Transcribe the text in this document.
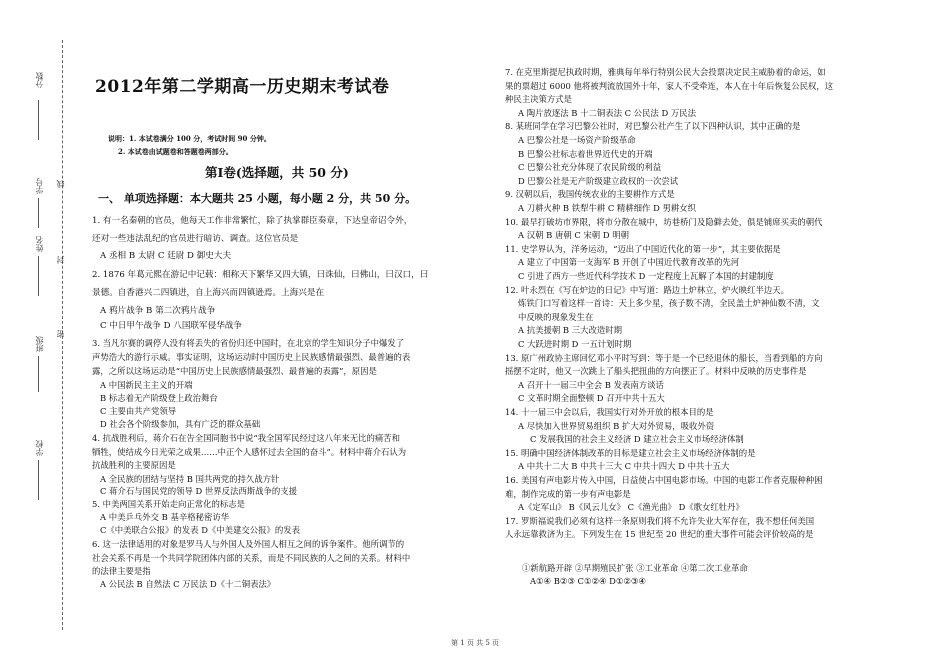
分数
学号 线
姓名
封
班级
密
学校
2012年第二学期高一历史期末考试卷
说明：1. 本试卷满分 100 分，考试时间 90 分钟。
2. 本试卷由试题卷和答题卷两部分。
第Ⅰ卷(选择题，共 50 分)
一、 单项选择题：本大题共 25 小题，每小题 2 分，共 50 分。
1. 有一名秦朝的官员，他每天工作非常繁忙，除了执掌群臣奏章，下达皇帝诏令外，
还对一些违法乱纪的官员进行暗访、调查。这位官员是
A 丞相 B 太尉 C 廷尉 D 御史大夫
2. 1876 年葛元熙在游记中记载：相称天下繁华又四大镇，曰诛仙，曰佛山，曰汉口，曰
景德。自香港兴二四镇进，自上海兴而四镇逊焉。上海兴是在
A 鸦片战争 B 第二次鸦片战争
C 中日甲午战争 D 八国联军侵华战争
3. 当凡尔赛的调停人没有将丢失的省份归还中国时，在北京的学生知识分子中爆发了
声势浩大的游行示威。事实证明，这场运动时中国历史上民族感情最强烈、最普遍的表
露，之所以这场运动是“中国历史上民族感情最强烈、最普遍的表露”，原因是
A 中国新民主主义的开端
B 标志着无产阶级登上政治舞台
C 主要由共产党领导
D 社会各个阶级参加，具有广泛的群众基础
4. 抗战胜利后，蒋介石在告全国同胞书中说“我全国军民经过这八年来无比的痛苦和
牺牲，使结成今日光荣之成果……中正个人感怀过去全国的奋斗”。材料中蒋介石认为
抗战胜利的主要原因是
A 全民族的团结与坚持 B 国共两党的持久战方针
C 蒋介石与国民党的领导 D 世界反法西斯战争的支援
5. 中美两国关系开始走向正常化的标志是
A 中美乒乓外交 B 基辛格秘密访华
C《中美联合公报》的发表 D《中美建交公报》的发表
6. 这一法律适用的对象是罗马人与外国人及外国人相互之间的诉争案件。他所调节的
社会关系不再是一个共同学院团体内部的关系，而是不同民族的人之间的关系。材料中
的法律主要是指
A 公民法 B 自然法 C 万民法 D《十二铜表法》
7. 在克里斯提尼执政时期，雅典每年举行特别公民大会投票决定民主威胁着的命运，如
果的票超过 6000 他将被判流放国外十年，家人不受牵连，本人在十年后恢复公民权，这
种民主决策方式是
A 陶片放逐法 B 十二铜表法 C 公民法 D 万民法
8. 某班同学在学习巴黎公社时，对巴黎公社产生了以下四种认识，其中正确的是
A 巴黎公社是一场资产阶级革命
B 巴黎公社标志着世界近代史的开端
C 巴黎公社充分体现了农民阶级的利益
D 巴黎公社是无产阶级建立政权的一次尝试
9. 汉朝以后，我国传统农业的主要耕作方式是
A 刀耕火种 B 铁犁牛耕 C 精耕细作 D 男耕女织
10. 最早打破坊市界限，将市分散在城中，坊巷桥门及隐僻去处，俱是铺席买卖的朝代
A 汉朝 B 唐朝 C 宋朝 D 明朝
11. 史学界认为，洋务运动，“迈出了中国近代化的第一步”，其主要依据是
A 建立了中国第一支海军 B 开创了中国近代教育改革的先河
C 引进了西方一些近代科学技术 D 一定程度上瓦解了本国的封建制度
12. 叶永烈在《写在炉边的日记》中写道：路边土炉林立，炉火映红半边天。
炼铁门口写着这样一首诗：天上多少星，孩子数不清，全民盖土炉神仙数不清，文
中反映的现象发生在
A 抗美援朝 B 三大改造时期
C 大跃进时期 D 一五计划时期
13. 原广州政协主席回忆邓小平时写到：等于是一个已经退休的船长，当看到船的方向
摇摆不定时，他又一次跳上了船头把扭曲的方向摆正了。材料中反映的历史事件是
A 召开十一届三中全会 B 发表南方谈话
C 文革时期全面整顿 D 召开中共十五大
14. 十一届三中会以后，我国实行对外开放的根本目的是
A 尽快加入世界贸易组织 B 扩大对外贸易，吸收外资
C 发展我国的社会主义经济 D 建立社会主义市场经济体制
15. 明确中国经济体制改革的目标是建立社会主义市场经济体制的是
A 中共十二大 B 中共十三大 C 中共十四大 D 中共十五大
16. 美国有声电影片传入中国，日益使占中国电影市场。中国的电影工作者克服种种困
难，制作完成的第一步有声电影是
A《定军山》 B《风云儿女》 C《渔光曲》 D《歌女红牡丹》
17. 罗斯福说我们必须有这样一条原则我们将不允许失业大军存在，我不想任何美国
人永远靠救济为主。下列发生在 15 世纪至 20 世纪的重大事件可能会评价较高的是
①新航路开辟 ②早期殖民扩张 ③工业革命 ④第二次工业革命
A①④ B②③ C①②④ D①②③④
第 1 页 共 5 页
